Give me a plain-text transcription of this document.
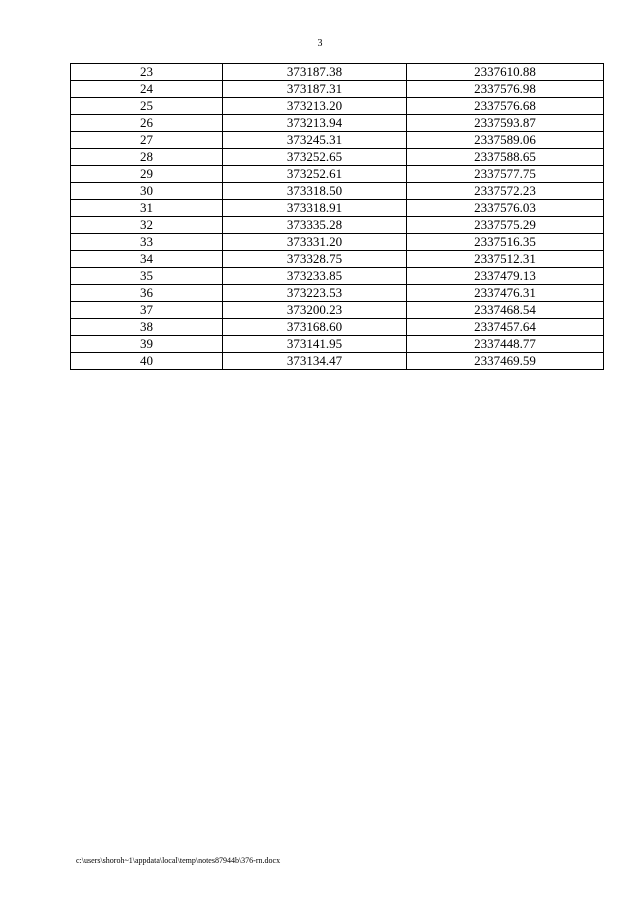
3
23	373187.38	2337610.88
24	373187.31	2337576.98
25	373213.20	2337576.68
26	373213.94	2337593.87
27	373245.31	2337589.06
28	373252.65	2337588.65
29	373252.61	2337577.75
30	373318.50	2337572.23
31	373318.91	2337576.03
32	373335.28	2337575.29
33	373331.20	2337516.35
34	373328.75	2337512.31
35	373233.85	2337479.13
36	373223.53	2337476.31
37	373200.23	2337468.54
38	373168.60	2337457.64
39	373141.95	2337448.77
40	373134.47	2337469.59
c:\users\shoroh~1\appdata\local\temp\notes87944b\376-rn.docx
